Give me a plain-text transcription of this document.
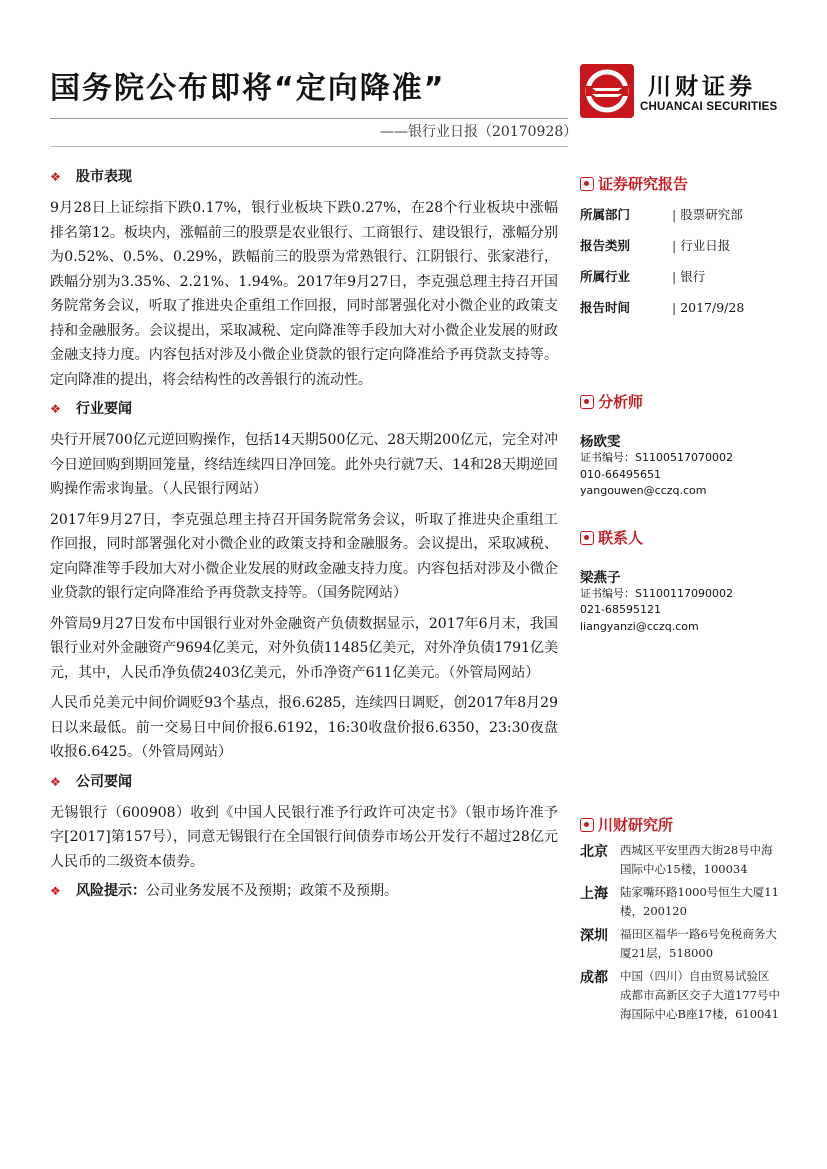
国务院公布即将“定向降准”
——银行业日报（20170928）
川财证券
CHUANCAI SECURITIES
❖ 股市表现

9月28日上证综指下跌0.17%，银行业板块下跌0.27%，在28个行业板块中涨幅排名第12。板块内，涨幅前三的股票是农业银行、工商银行、建设银行，涨幅分别为0.52%、0.5%、0.29%，跌幅前三的股票为常熟银行、江阴银行、张家港行，跌幅分别为3.35%、2.21%、1.94%。2017年9月27日，李克强总理主持召开国务院常务会议，听取了推进央企重组工作回报，同时部署强化对小微企业的政策支持和金融服务。会议提出，采取减税、定向降准等手段加大对小微企业发展的财政金融支持力度。内容包括对涉及小微企业贷款的银行定向降准给予再贷款支持等。定向降准的提出，将会结构性的改善银行的流动性。

❖ 行业要闻

央行开展700亿元逆回购操作，包括14天期500亿元、28天期200亿元，完全对冲今日逆回购到期回笼量，终结连续四日净回笼。此外央行就7天、14和28天期逆回购操作需求询量。（人民银行网站）

2017年9月27日，李克强总理主持召开国务院常务会议，听取了推进央企重组工作回报，同时部署强化对小微企业的政策支持和金融服务。会议提出，采取减税、定向降准等手段加大对小微企业发展的财政金融支持力度。内容包括对涉及小微企业贷款的银行定向降准给予再贷款支持等。（国务院网站）

外管局9月27日发布中国银行业对外金融资产负债数据显示，2017年6月末，我国银行业对外金融资产9694亿美元，对外负债11485亿美元，对外净负债1791亿美元，其中，人民币净负债2403亿美元，外币净资产611亿美元。（外管局网站）

人民币兑美元中间价调贬93个基点，报6.6285，连续四日调贬，创2017年8月29日以来最低。前一交易日中间价报6.6192，16:30收盘价报6.6350，23:30夜盘收报6.6425。（外管局网站）

❖ 公司要闻

无锡银行（600908）收到《中国人民银行准予行政许可决定书》（银市场许准予字[2017]第157号），同意无锡银行在全国银行间债券市场公开发行不超过28亿元人民币的二级资本债券。

❖ 风险提示：公司业务发展不及预期；政策不及预期。
证券研究报告
所属部门	| 股票研究部
报告类别	| 行业日报
所属行业	| 银行
报告时间	| 2017/9/28
分析师
杨欧雯
证书编号：S1100517070002
010-66495651
yangouwen@cczq.com
联系人
梁燕子
证书编号：S1100117090002
021-68595121
liangyanzi@cczq.com
川财研究所
北京 西城区平安里西大街28号中海国际中心15楼，100034
上海 陆家嘴环路1000号恒生大厦11楼，200120
深圳 福田区福华一路6号免税商务大厦21层，518000
成都 中国（四川）自由贸易试验区成都市高新区交子大道177号中海国际中心B座17楼，610041
